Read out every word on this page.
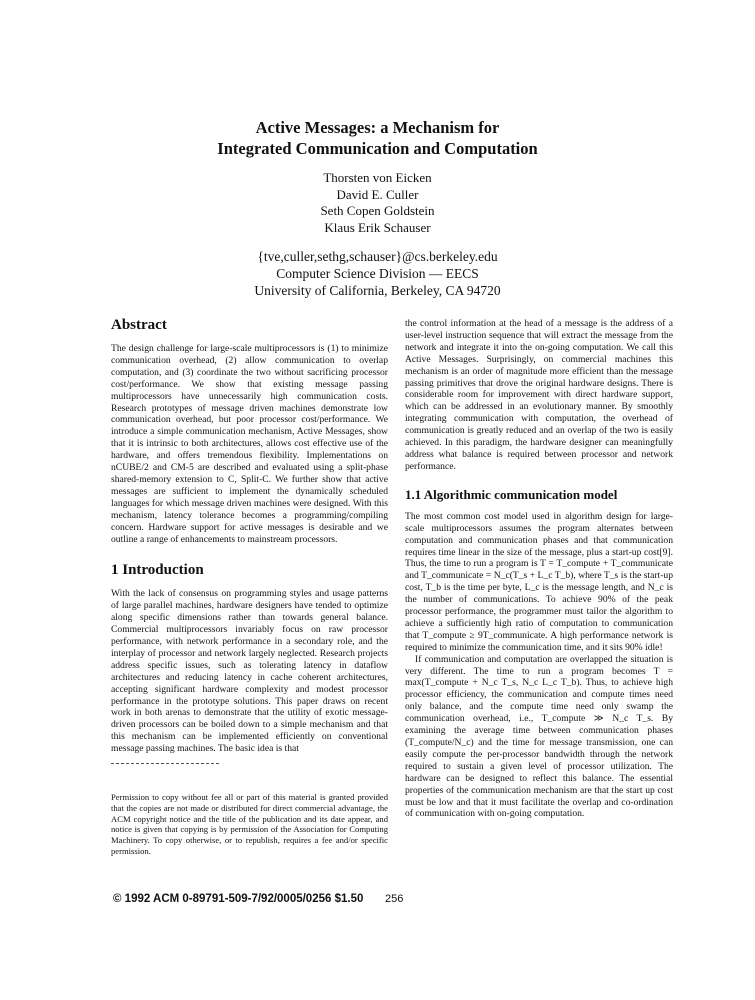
Active Messages: a Mechanism for
Integrated Communication and Computation
Thorsten von Eicken
David E. Culler
Seth Copen Goldstein
Klaus Erik Schauser
{tve,culler,sethg,schauser}@cs.berkeley.edu
Computer Science Division — EECS
University of California, Berkeley, CA 94720
Abstract

The design challenge for large-scale multiprocessors is (1) to minimize communication overhead, (2) allow communication to overlap computation, and (3) coordinate the two without sacrificing processor cost/performance. We show that existing message passing multiprocessors have unnecessarily high communication costs. Research prototypes of message driven machines demonstrate low communication overhead, but poor processor cost/performance. We introduce a simple communication mechanism, Active Messages, show that it is intrinsic to both architectures, allows cost effective use of the hardware, and offers tremendous flexibility. Implementations on nCUBE/2 and CM-5 are described and evaluated using a split-phase shared-memory extension to C, Split-C. We further show that active messages are sufficient to implement the dynamically scheduled languages for which message driven machines were designed. With this mechanism, latency tolerance becomes a programming/compiling concern. Hardware support for active messages is desirable and we outline a range of enhancements to mainstream processors.

1 Introduction

With the lack of consensus on programming styles and usage patterns of large parallel machines, hardware designers have tended to optimize along specific dimensions rather than towards general balance. Commercial multiprocessors invariably focus on raw processor performance, with network performance in a secondary role, and the interplay of processor and network largely neglected. Research projects address specific issues, such as tolerating latency in dataflow architectures and reducing latency in cache coherent architectures, accepting significant hardware complexity and modest processor performance in the prototype solutions. This paper draws on recent work in both arenas to demonstrate that the utility of exotic message-driven processors can be boiled down to a simple mechanism and that this mechanism can be implemented efficiently on conventional message passing machines. The basic idea is that

Permission to copy without fee all or part of this material is granted provided that the copies are not made or distributed for direct commercial advantage, the ACM copyright notice and the title of the publication and its date appear, and notice is given that copying is by permission of the Association for Computing Machinery. To copy otherwise, or to republish, requires a fee and/or specific permission.

the control information at the head of a message is the address of a user-level instruction sequence that will extract the message from the network and integrate it into the on-going computation. We call this Active Messages. Surprisingly, on commercial machines this mechanism is an order of magnitude more efficient than the message passing primitives that drove the original hardware designs. There is considerable room for improvement with direct hardware support, which can be addressed in an evolutionary manner. By smoothly integrating communication with computation, the overhead of communication is greatly reduced and an overlap of the two is easily achieved. In this paradigm, the hardware designer can meaningfully address what balance is required between processor and network performance.

1.1 Algorithmic communication model

The most common cost model used in algorithm design for large-scale multiprocessors assumes the program alternates between computation and communication phases and that communication requires time linear in the size of the message, plus a start-up cost[9]. Thus, the time to run a program is T = T_compute + T_communicate and T_communicate = N_c(T_s + L_c T_b), where T_s is the start-up cost, T_b is the time per byte, L_c is the message length, and N_c is the number of communications. To achieve 90% of the peak processor performance, the programmer must tailor the algorithm to achieve a sufficiently high ratio of computation to communication that T_compute ≥ 9T_communicate. A high performance network is required to minimize the communication time, and it sits 90% idle!

If communication and computation are overlapped the situation is very different. The time to run a program becomes T = max(T_compute + N_c T_s, N_c L_c T_b). Thus, to achieve high processor efficiency, the communication and compute times need only balance, and the compute time need only swamp the communication overhead, i.e., T_compute ≫ N_c T_s. By examining the average time between communication phases (T_compute/N_c) and the time for message transmission, one can easily compute the per-processor bandwidth through the network required to sustain a given level of processor utilization. The hardware can be designed to reflect this balance. The essential properties of the communication mechanism are that the start up cost must be low and that it must facilitate the overlap and co-ordination of communication with on-going computation.

© 1992 ACM 0-89791-509-7/92/0005/0256 $1.50 256
